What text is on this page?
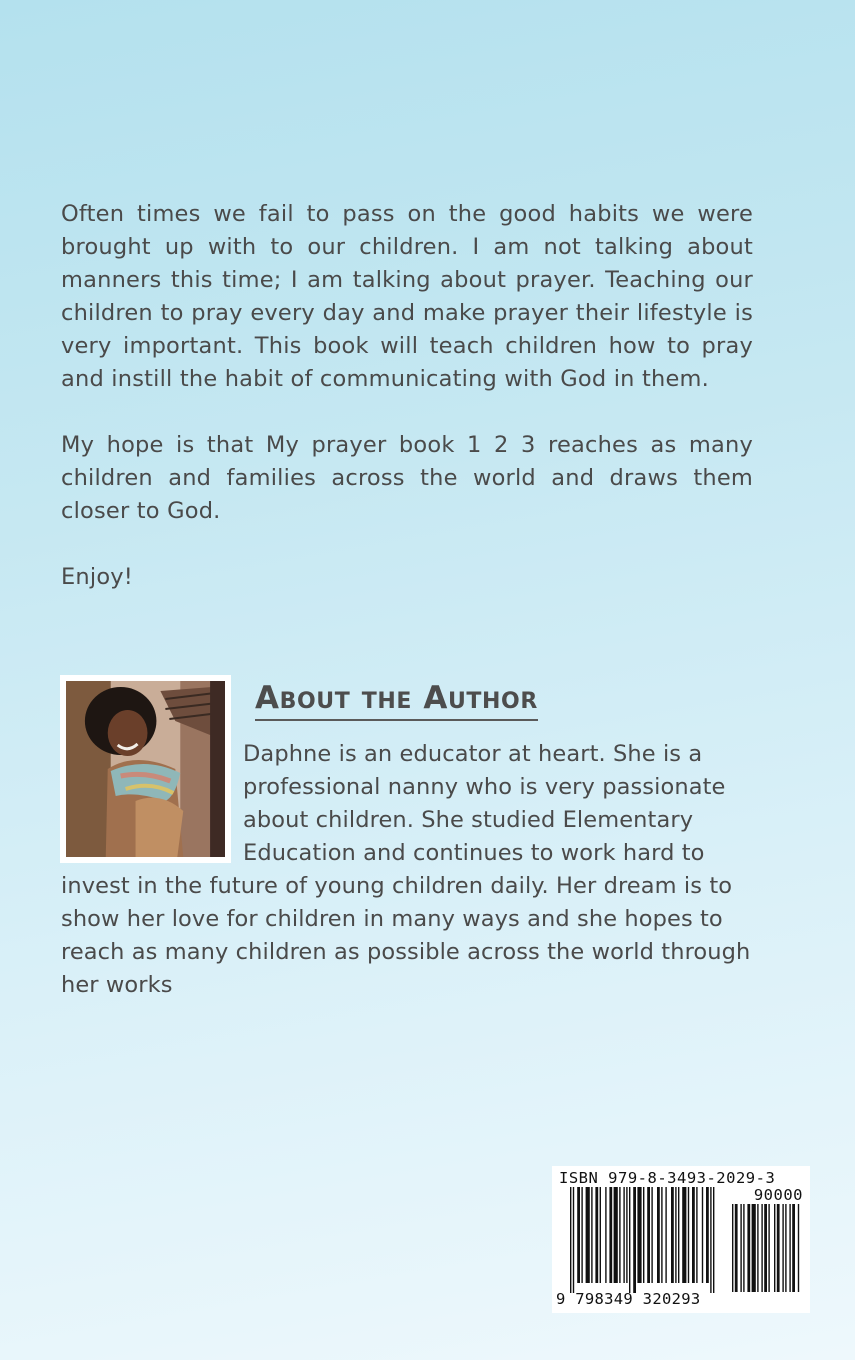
Often times we fail to pass on the good habits we were brought up with to our children. I am not talking about manners this time; I am talking about prayer. Teaching our children to pray every day and make prayer their lifestyle is very important. This book will teach children how to pray and instill the habit of communicating with God in them.

My hope is that My prayer book 1 2 3 reaches as many children and families across the world and draws them closer to God.

Enjoy!

About the Author
Daphne is an educator at heart. She is a professional nanny who is very passionate about children. She studied Elementary Education and continues to work hard to invest in the future of young children daily. Her dream is to show her love for children in many ways and she hopes to reach as many children as possible across the world through her works
ISBN 979-8-3493-2029-3
90000
9 798349 320293
